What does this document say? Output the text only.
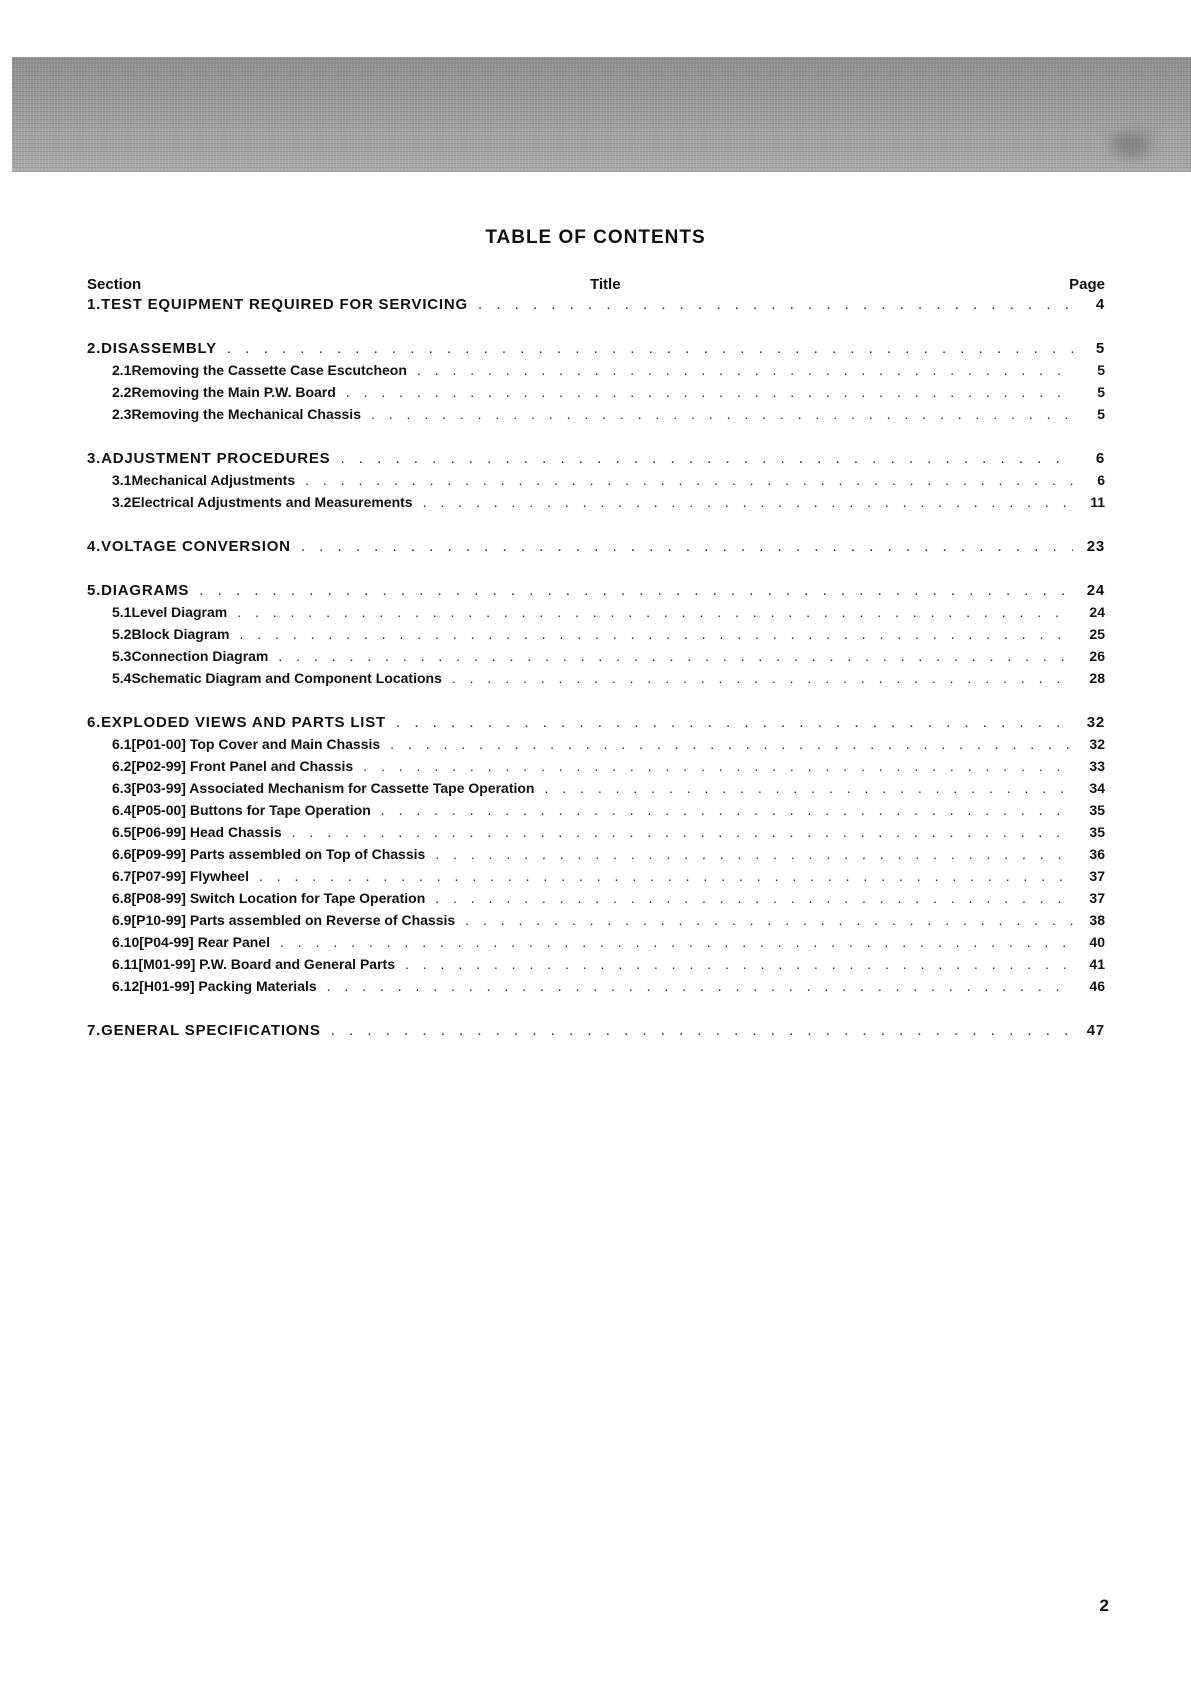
TABLE OF CONTENTS
Section	Title	Page
1. TEST EQUIPMENT REQUIRED FOR SERVICING . . .	4
2. DISASSEMBLY . . .	5
2.1 Removing the Cassette Case Escutcheon . . .	5
2.2 Removing the Main P.W. Board . . .	5
2.3 Removing the Mechanical Chassis . . .	5
3. ADJUSTMENT PROCEDURES . . .	6
3.1 Mechanical Adjustments . . .	6
3.2 Electrical Adjustments and Measurements . . .	11
4. VOLTAGE CONVERSION . . .	23
5. DIAGRAMS . . .	24
5.1 Level Diagram . . .	24
5.2 Block Diagram . . .	25
5.3 Connection Diagram . . .	26
5.4 Schematic Diagram and Component Locations . . .	28
6. EXPLODED VIEWS AND PARTS LIST . . .	32
6.1 [P01-00] Top Cover and Main Chassis . . .	32
6.2 [P02-99] Front Panel and Chassis . . .	33
6.3 [P03-99] Associated Mechanism for Cassette Tape Operation . . .	34
6.4 [P05-00] Buttons for Tape Operation . . .	35
6.5 [P06-99] Head Chassis . . .	35
6.6 [P09-99] Parts assembled on Top of Chassis . . .	36
6.7 [P07-99] Flywheel . . .	37
6.8 [P08-99] Switch Location for Tape Operation . . .	37
6.9 [P10-99] Parts assembled on Reverse of Chassis . . .	38
6.10 [P04-99] Rear Panel . . .	40
6.11 [M01-99] P.W. Board and General Parts . . .	41
6.12 [H01-99] Packing Materials . . .	46
7. GENERAL SPECIFICATIONS . . .	47
2
